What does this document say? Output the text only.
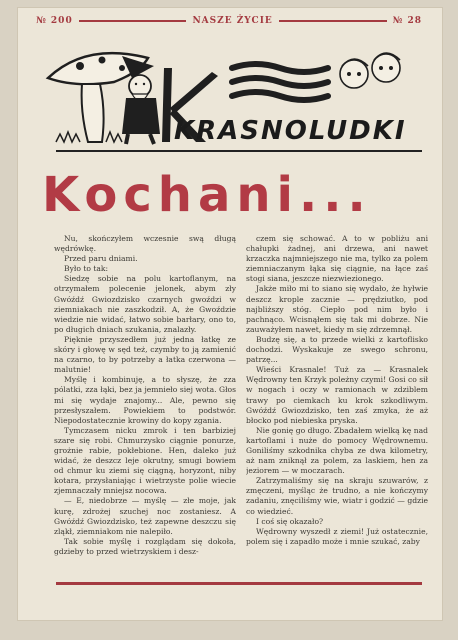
№ 200	NASZE ŻYCIE	№ 28
KRASNOLUDKI
Kochani...

Nu, skończyłem wczesnie swą długą wędrówkę.

Przed paru dniami.

Było to tak:

Siedzę sobie na polu kartoflanym, na otrzymałem polecenie jelonek, abym zły Gwóźdź Gwiozdzisko czarnych gwoździ w ziemniakach nie zaszkodził. A, że Gwoździe wiedzie nie widać, łatwo sobie barłary, ono to, po długich dniach szukania, znalazły.

Pięknie przyszedłem już jedna łatkę ze skóry i głowę w sęd też, czymby to ją zamienić na czarno, to by potrzeby a łatka czerwona — malutnie!

Myślę i kombinuję, a to słyszę, że zza pólatki, zza łąki, bez ja jemnieło siej wota. Głos mi się wydaje znajomy... Ale, pewno się przesłyszałem. Powiekiem to podstwór. Niepodostatecznie krowiny do kopy zgania.

Tymczasem nicku zmrok i ten barbiziej szare się robi. Chmurzysko ciągnie ponurze, grożnie rabie, pokłebione. Hen, daleko już widać, że deszcz leje okrutny, smugi bowiem od chmur ku ziemi się ciągną, horyzont, niby kotara, przysłaniając i wietrzyste polie wiecie zjemnaczały mniejsz nocowa.

— E, niedobrze — myślę — złe moje, jak kurę, zdrożej szuchej noc zostaniesz. A Gwóźdź Gwiozdzisko, też zapewne deszczu się zląkł, ziemniakom nie nalepiło.

Tak sobie myślę i rozglądam się dokoła, gdzieby to przed wietrzyskiem i desz-

czem się schować. A to w pobliżu ani chałupki żadnej, ani drzewa, ani nawet krzaczka najmniejszego nie ma, tylko za polem ziemniaczanym łąka się ciągnie, na łące zaś stogi siana, jeszcze niezwiezionego.

Jakże miło mi to siano się wydało, że hyłwie deszcz krople zacznie — prędziutko, pod najbliższy stóg. Ciepło pod nim było i pachnąco. Wcisnąłem się tak mi dobrze. Nie zauważyłem nawet, kiedy m się zdrzemnął.

Budzę się, a to przede wielki z kartoflisko dochodzi. Wyskakuje ze swego schronu, patrzę...

Wieści Krasnale! Tuż za — Krasnalek Wędrowny ten Krzyk poleżny czymi! Gosi co sił w nogach i oczy w ramionach w zdziblem trawy po ciemkach ku krok szkodliwym. Gwóźdź Gwiozdzisko, ten zaś zmyka, że aż błocko pod niebieska pryska.

Nie gonię go długo. Zbadałem wielką kę nad kartoflami i nuże do pomocy Wędrownemu. Goniliśmy szkodnika chyba ze dwa kilometry, aż nam zniknął za polem, za laskiem, hen za jeziorem — w moczarach.

Zatrzymaliśmy się na skraju szuwarów, z zmęczeni, myśląc że trudno, a nie kończymy zadaniu, znęciliśmy wie, wiatr i godzić — gdzie co wiedzieć.

I coś się okazało?

Wędrowny wyszedł z ziemi! Już ostatecznie, polem się i zapadło może i mnie szukać, zaby
